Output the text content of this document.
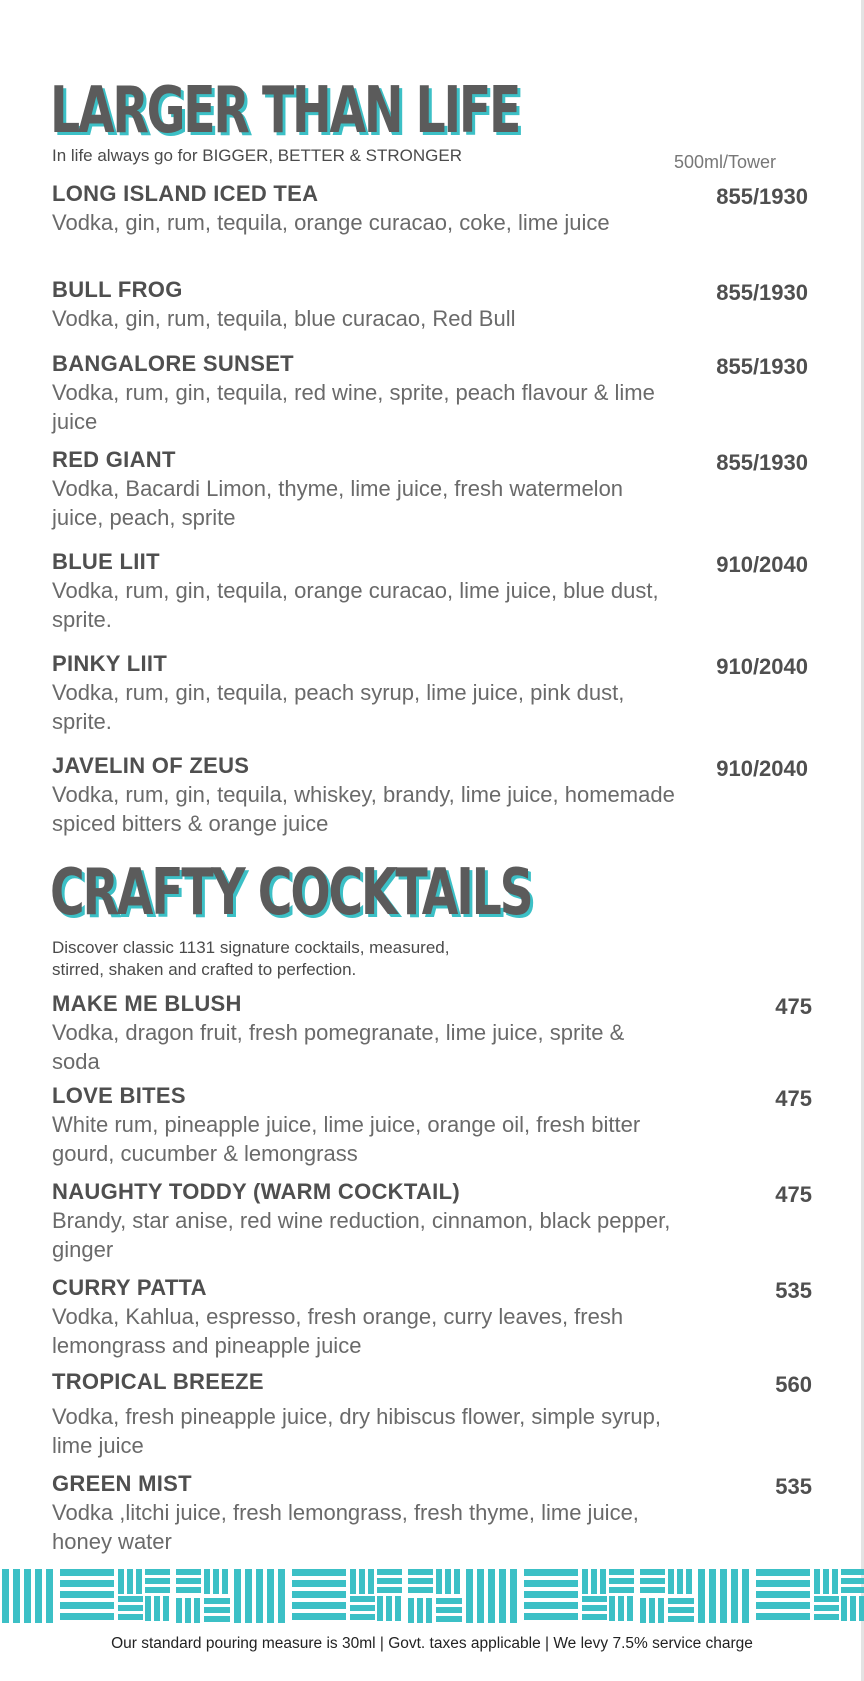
LARGER THAN LIFE

In life always go for BIGGER, BETTER & STRONGER	500ml/Tower
LONG ISLAND ICED TEA
Vodka, gin, rum, tequila, orange curacao, coke, lime juice
855/1930
BULL FROG
Vodka, gin, rum, tequila, blue curacao, Red Bull
855/1930
BANGALORE SUNSET
Vodka, rum, gin, tequila, red wine, sprite, peach flavour & lime juice
855/1930
RED GIANT
Vodka, Bacardi Limon, thyme, lime juice, fresh watermelon juice, peach, sprite
855/1930
BLUE LIIT
Vodka, rum, gin, tequila, orange curacao, lime juice, blue dust, sprite.
910/2040
PINKY LIIT
Vodka, rum, gin, tequila, peach syrup, lime juice, pink dust, sprite.
910/2040
JAVELIN OF ZEUS
Vodka, rum, gin, tequila, whiskey, brandy, lime juice, homemade spiced bitters & orange juice
910/2040
CRAFTY COCKTAILS

Discover classic 1131 signature cocktails, measured,

stirred, shaken and crafted to perfection.

MAKE ME BLUSH
Vodka, dragon fruit, fresh pomegranate, lime juice, sprite & soda
475
LOVE BITES
White rum, pineapple juice, lime juice, orange oil, fresh bitter gourd, cucumber & lemongrass
475
NAUGHTY TODDY (WARM COCKTAIL)
Brandy, star anise, red wine reduction, cinnamon, black pepper, ginger
475
CURRY PATTA
Vodka, Kahlua, espresso, fresh orange, curry leaves, fresh lemongrass and pineapple juice
535
TROPICAL BREEZE
Vodka, fresh pineapple juice, dry hibiscus flower, simple syrup, lime juice
560
GREEN MIST
Vodka ,litchi juice, fresh lemongrass, fresh thyme, lime juice, honey water
535

Our standard pouring measure is 30ml | Govt. taxes applicable | We levy 7.5% service charge
